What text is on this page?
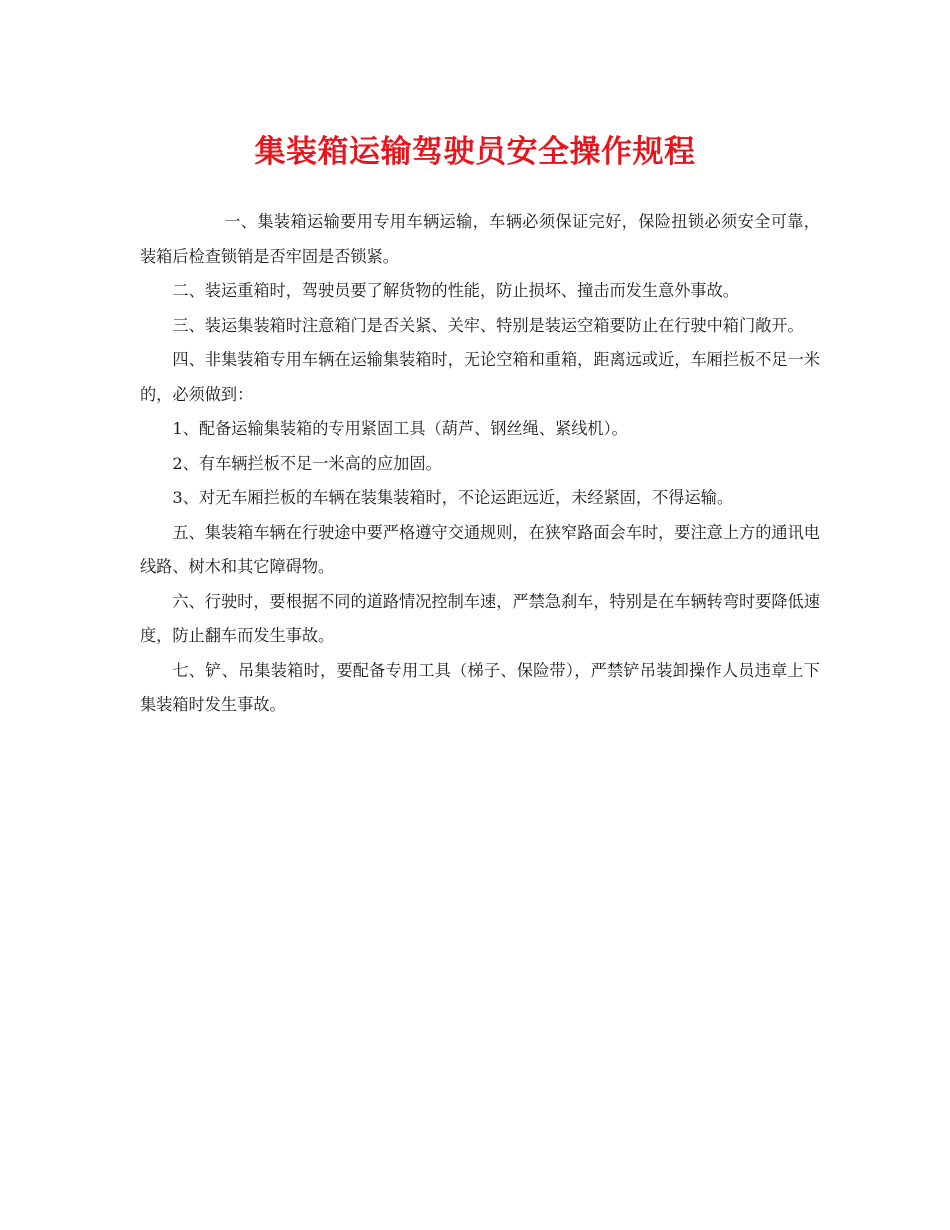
集装箱运输驾驶员安全操作规程

一、集装箱运输要用专用车辆运输，车辆必须保证完好，保险扭锁必须安全可靠，装箱后检查锁销是否牢固是否锁紧。

二、装运重箱时，驾驶员要了解货物的性能，防止损坏、撞击而发生意外事故。

三、装运集装箱时注意箱门是否关紧、关牢、特别是装运空箱要防止在行驶中箱门敞开。

四、非集装箱专用车辆在运输集装箱时，无论空箱和重箱，距离远或近，车厢拦板不足一米的，必须做到：

1、配备运输集装箱的专用紧固工具（葫芦、钢丝绳、紧线机）。

2、有车辆拦板不足一米高的应加固。

3、对无车厢拦板的车辆在装集装箱时，不论运距远近，未经紧固，不得运输。

五、集装箱车辆在行驶途中要严格遵守交通规则，在狭窄路面会车时，要注意上方的通讯电线路、树木和其它障碍物。

六、行驶时，要根据不同的道路情况控制车速，严禁急刹车，特别是在车辆转弯时要降低速度，防止翻车而发生事故。

七、铲、吊集装箱时，要配备专用工具（梯子、保险带），严禁铲吊装卸操作人员违章上下集装箱时发生事故。
